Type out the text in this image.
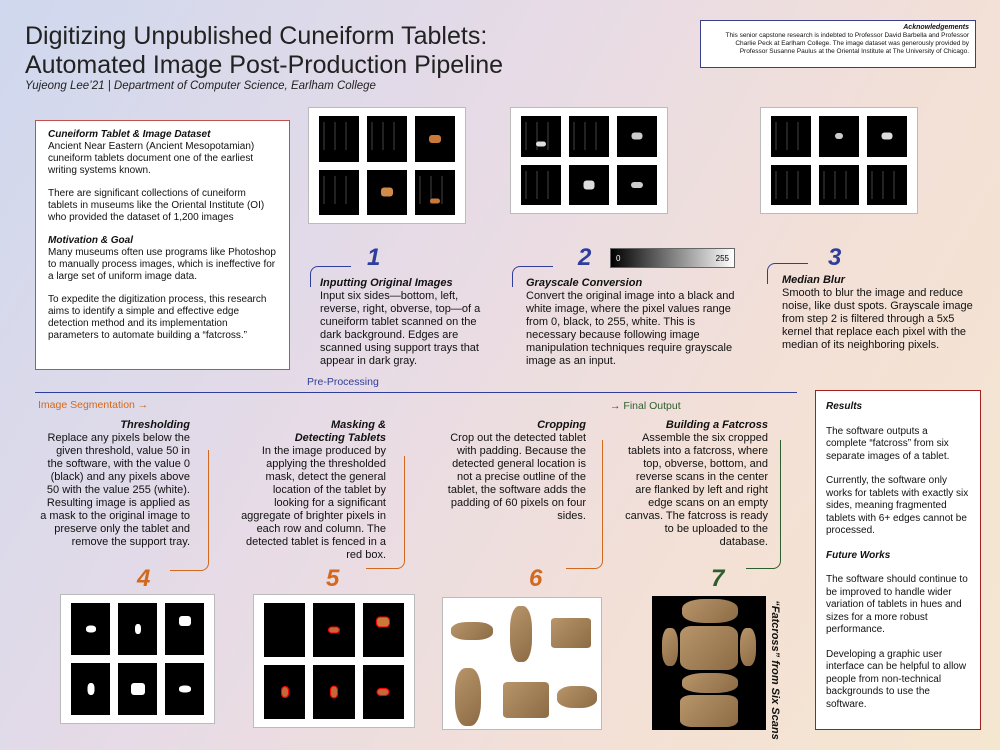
Digitizing Unpublished Cuneiform Tablets:
Automated Image Post-Production Pipeline
Yujeong Lee’21 | Department of Computer Science, Earlham College
Acknowledgements
This senior capstone research is indebted to Professor David Barbella and Professor Charlie Peck at Earlham College. The image dataset was generously provided by Professor Susanne Paulus at the Oriental Institute at The University of Chicago.
Cuneiform Tablet & Image Dataset

Ancient Near Eastern (Ancient Mesopotamian) cuneiform tablets document one of the earliest writing systems known.

There are significant collections of cuneiform tablets in museums like the Oriental Institute (OI) who provided the dataset of 1,200 images

Motivation & Goal

Many museums often use programs like Photoshop to manually process images, which is ineffective for a large set of uniform image data.

To expedite the digitization process, this research aims to identify a simple and effective edge detection method and its implementation parameters to automate building a “fatcross.”

1
Inputting Original Images
Input six sides—bottom, left, reverse, right, obverse, top—of a cuneiform tablet scanned on the dark background. Edges are scanned using support trays that appear in dark gray.
2	0	255
Grayscale Conversion
Convert the original image into a black and white image, where the pixel values range from 0, black, to 255, white. This is necessary because following image manipulation techniques require grayscale image as an input.
3
Median Blur
Smooth to blur the image and reduce noise, like dust spots. Grayscale image from step 2 is filtered through a 5x5 kernel that replace each pixel with the median of its neighboring pixels.
Pre-Processing
Image Segmentation →	→ Final Output
Thresholding
Replace any pixels below the given threshold, value 50 in the software, with the value 0 (black) and any pixels above 50 with the value 255 (white). Resulting image is applied as a mask to the original image to preserve only the tablet and remove the support tray.
4
Masking &
Detecting Tablets
In the image produced by applying the thresholded mask, detect the general location of the tablet by looking for a significant aggregate of brighter pixels in each row and column. The detected tablet is fenced in a red box.
5
Cropping
Crop out the detected tablet with padding. Because the detected general location is not a precise outline of the tablet, the software adds the padding of 60 pixels on four sides.
6
Building a Fatcross
Assemble the six cropped tablets into a fatcross, where top, obverse, bottom, and reverse scans in the center are flanked by left and right edge scans on an empty canvas. The fatcross is ready to be uploaded to the database.
7
“Fatcross” from Six Scans
Results

The software outputs a complete “fatcross” from six separate images of a tablet.

Currently, the software only works for tablets with exactly six sides, meaning fragmented tablets with 6+ edges cannot be processed.

Future Works

The software should continue to be improved to handle wider variation of tablets in hues and sizes for a more robust performance.

Developing a graphic user interface can be helpful to allow people from non-technical backgrounds to use the software.
